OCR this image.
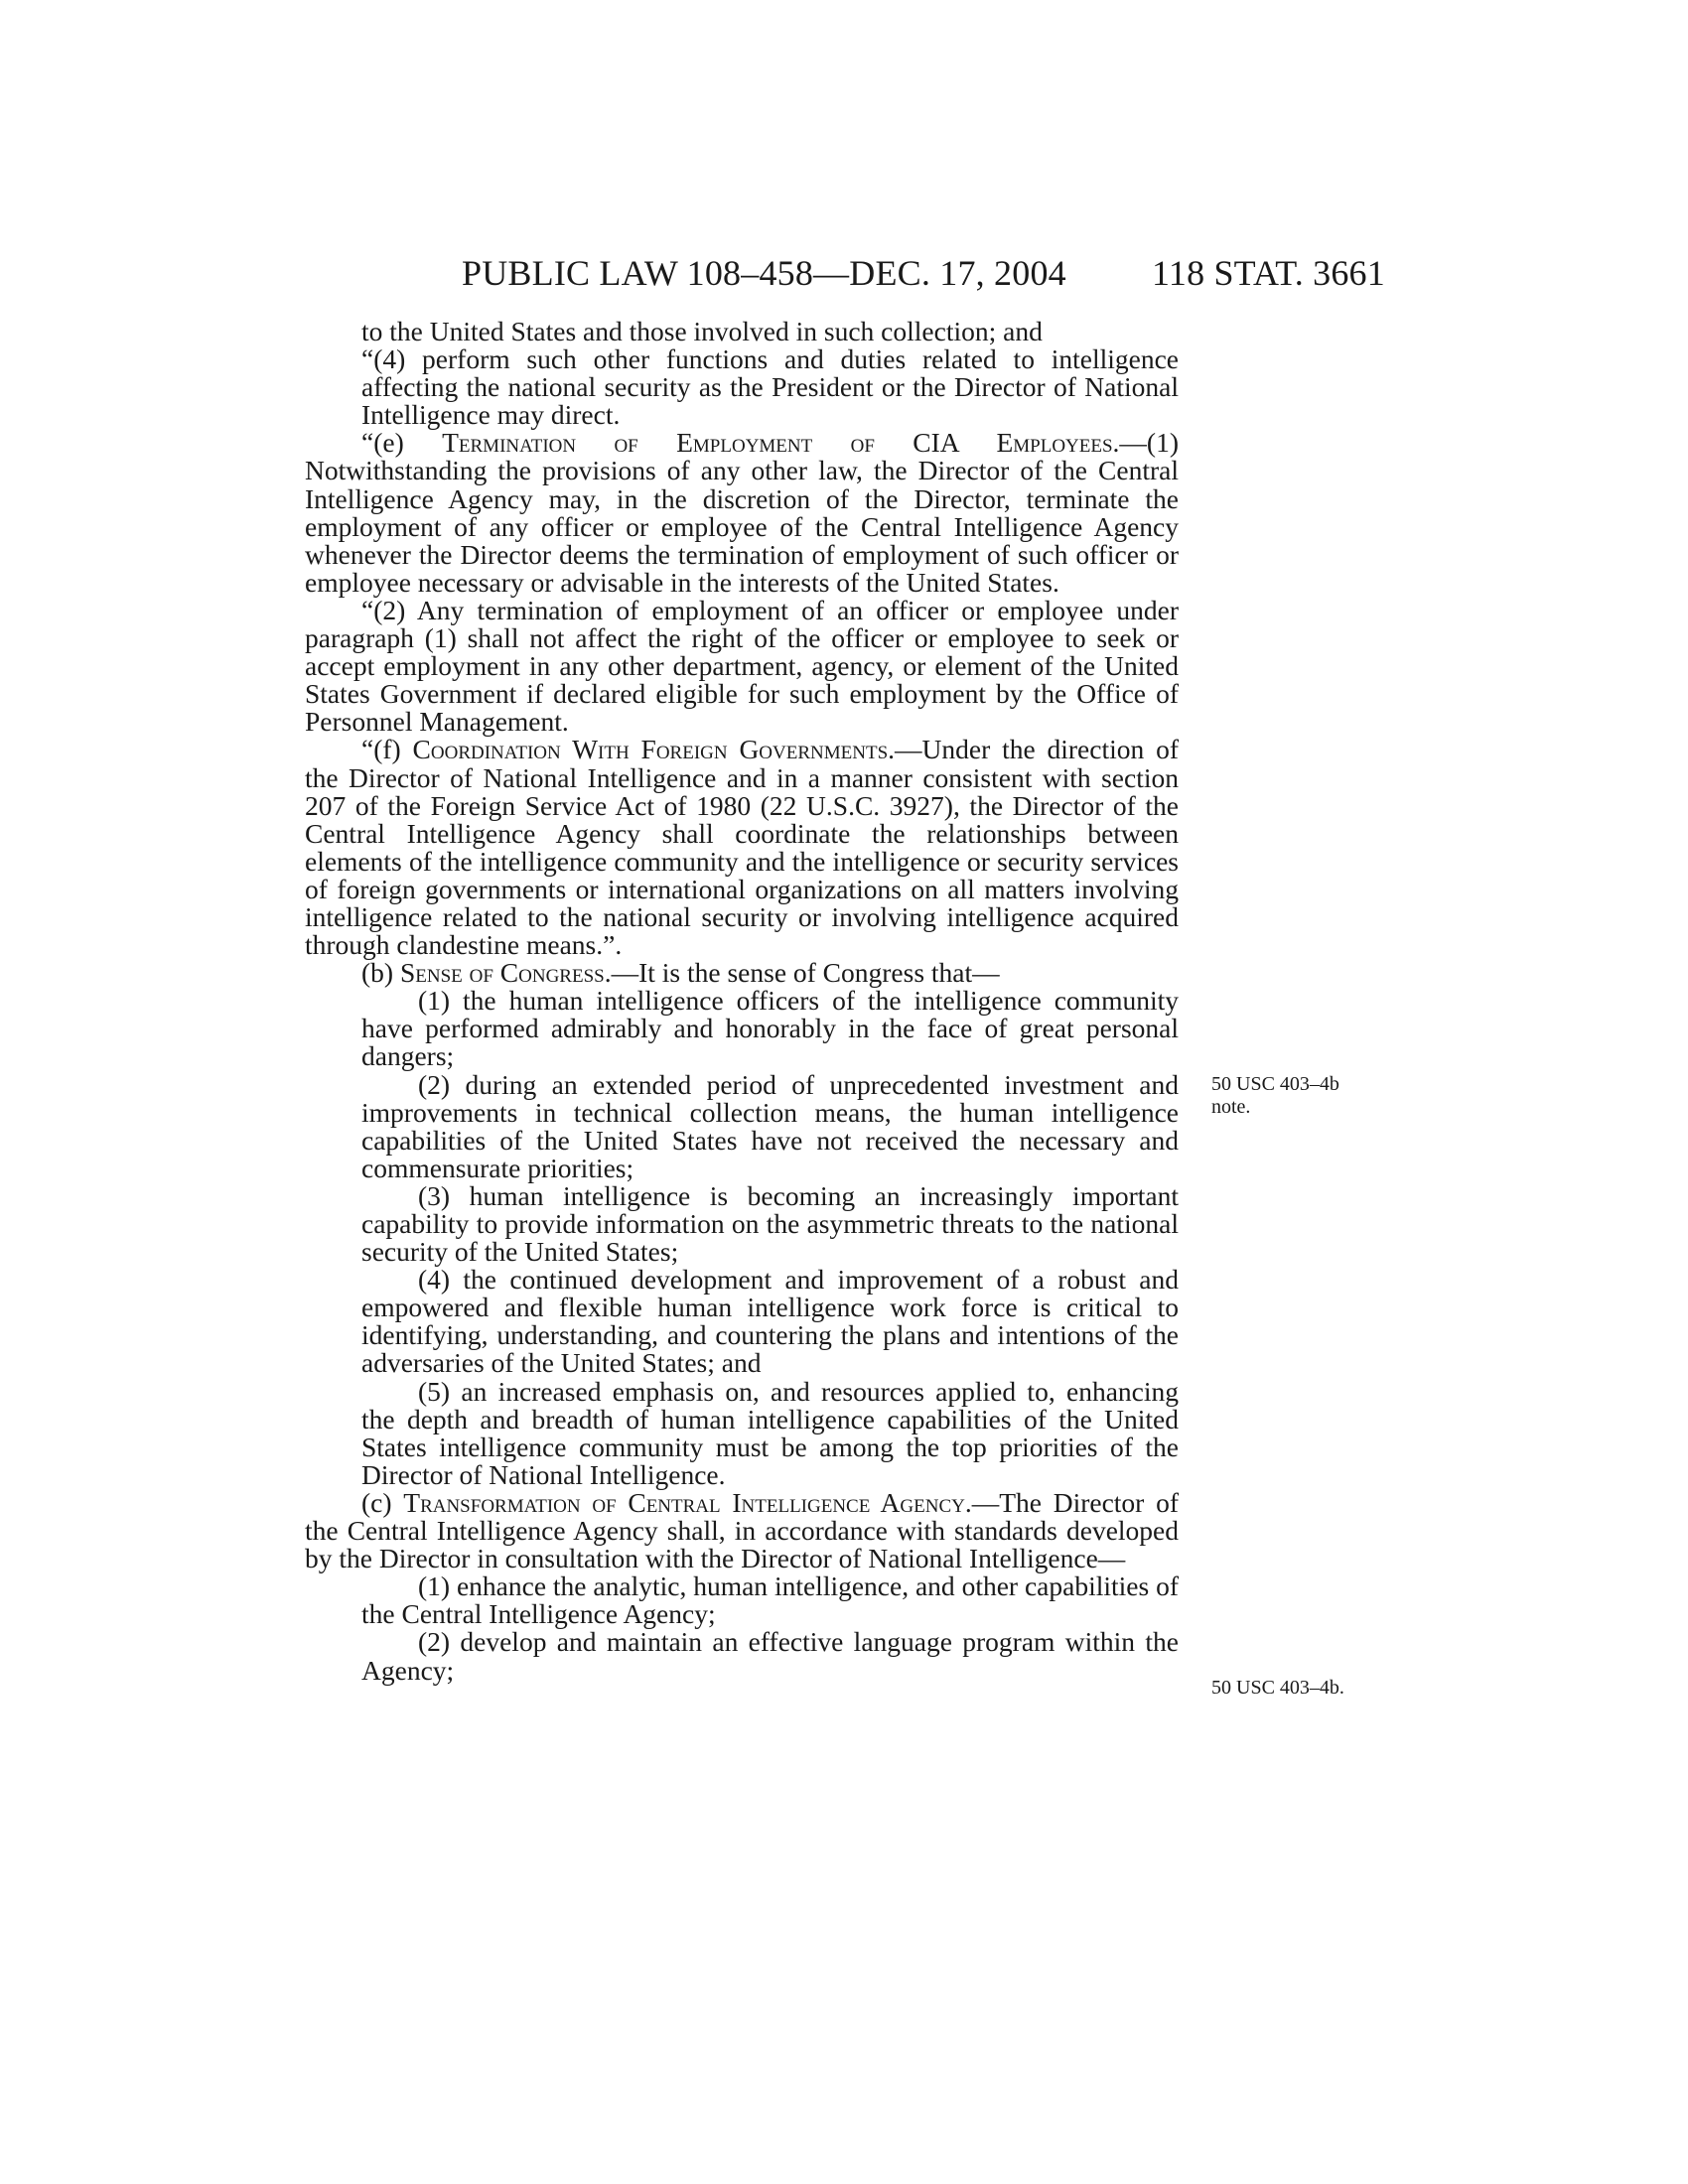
PUBLIC LAW 108–458—DEC. 17, 2004 118 STAT. 3661

to the United States and those involved in such collection; and

“(4) perform such other functions and duties related to intelligence affecting the national security as the President or the Director of National Intelligence may direct.

“(e) Termination of Employment of CIA Employees.—(1) Notwithstanding the provisions of any other law, the Director of the Central Intelligence Agency may, in the discretion of the Director, terminate the employment of any officer or employee of the Central Intelligence Agency whenever the Director deems the termination of employment of such officer or employee necessary or advisable in the interests of the United States.

“(2) Any termination of employment of an officer or employee under paragraph (1) shall not affect the right of the officer or employee to seek or accept employment in any other department, agency, or element of the United States Government if declared eligible for such employment by the Office of Personnel Management.

“(f) Coordination With Foreign Governments.—Under the direction of the Director of National Intelligence and in a manner consistent with section 207 of the Foreign Service Act of 1980 (22 U.S.C. 3927), the Director of the Central Intelligence Agency shall coordinate the relationships between elements of the intelligence community and the intelligence or security services of foreign governments or international organizations on all matters involving intelligence related to the national security or involving intelligence acquired through clandestine means.”.

(b) Sense of Congress.—It is the sense of Congress that—

(1) the human intelligence officers of the intelligence community have performed admirably and honorably in the face of great personal dangers;

(2) during an extended period of unprecedented investment and improvements in technical collection means, the human intelligence capabilities of the United States have not received the necessary and commensurate priorities;

(3) human intelligence is becoming an increasingly important capability to provide information on the asymmetric threats to the national security of the United States;

(4) the continued development and improvement of a robust and empowered and flexible human intelligence work force is critical to identifying, understanding, and countering the plans and intentions of the adversaries of the United States; and

(5) an increased emphasis on, and resources applied to, enhancing the depth and breadth of human intelligence capabilities of the United States intelligence community must be among the top priorities of the Director of National Intelligence.

(c) Transformation of Central Intelligence Agency.—The Director of the Central Intelligence Agency shall, in accordance with standards developed by the Director in consultation with the Director of National Intelligence—

(1) enhance the analytic, human intelligence, and other capabilities of the Central Intelligence Agency;

(2) develop and maintain an effective language program within the Agency;

50 USC 403–4b
note.
50 USC 403–4b.
